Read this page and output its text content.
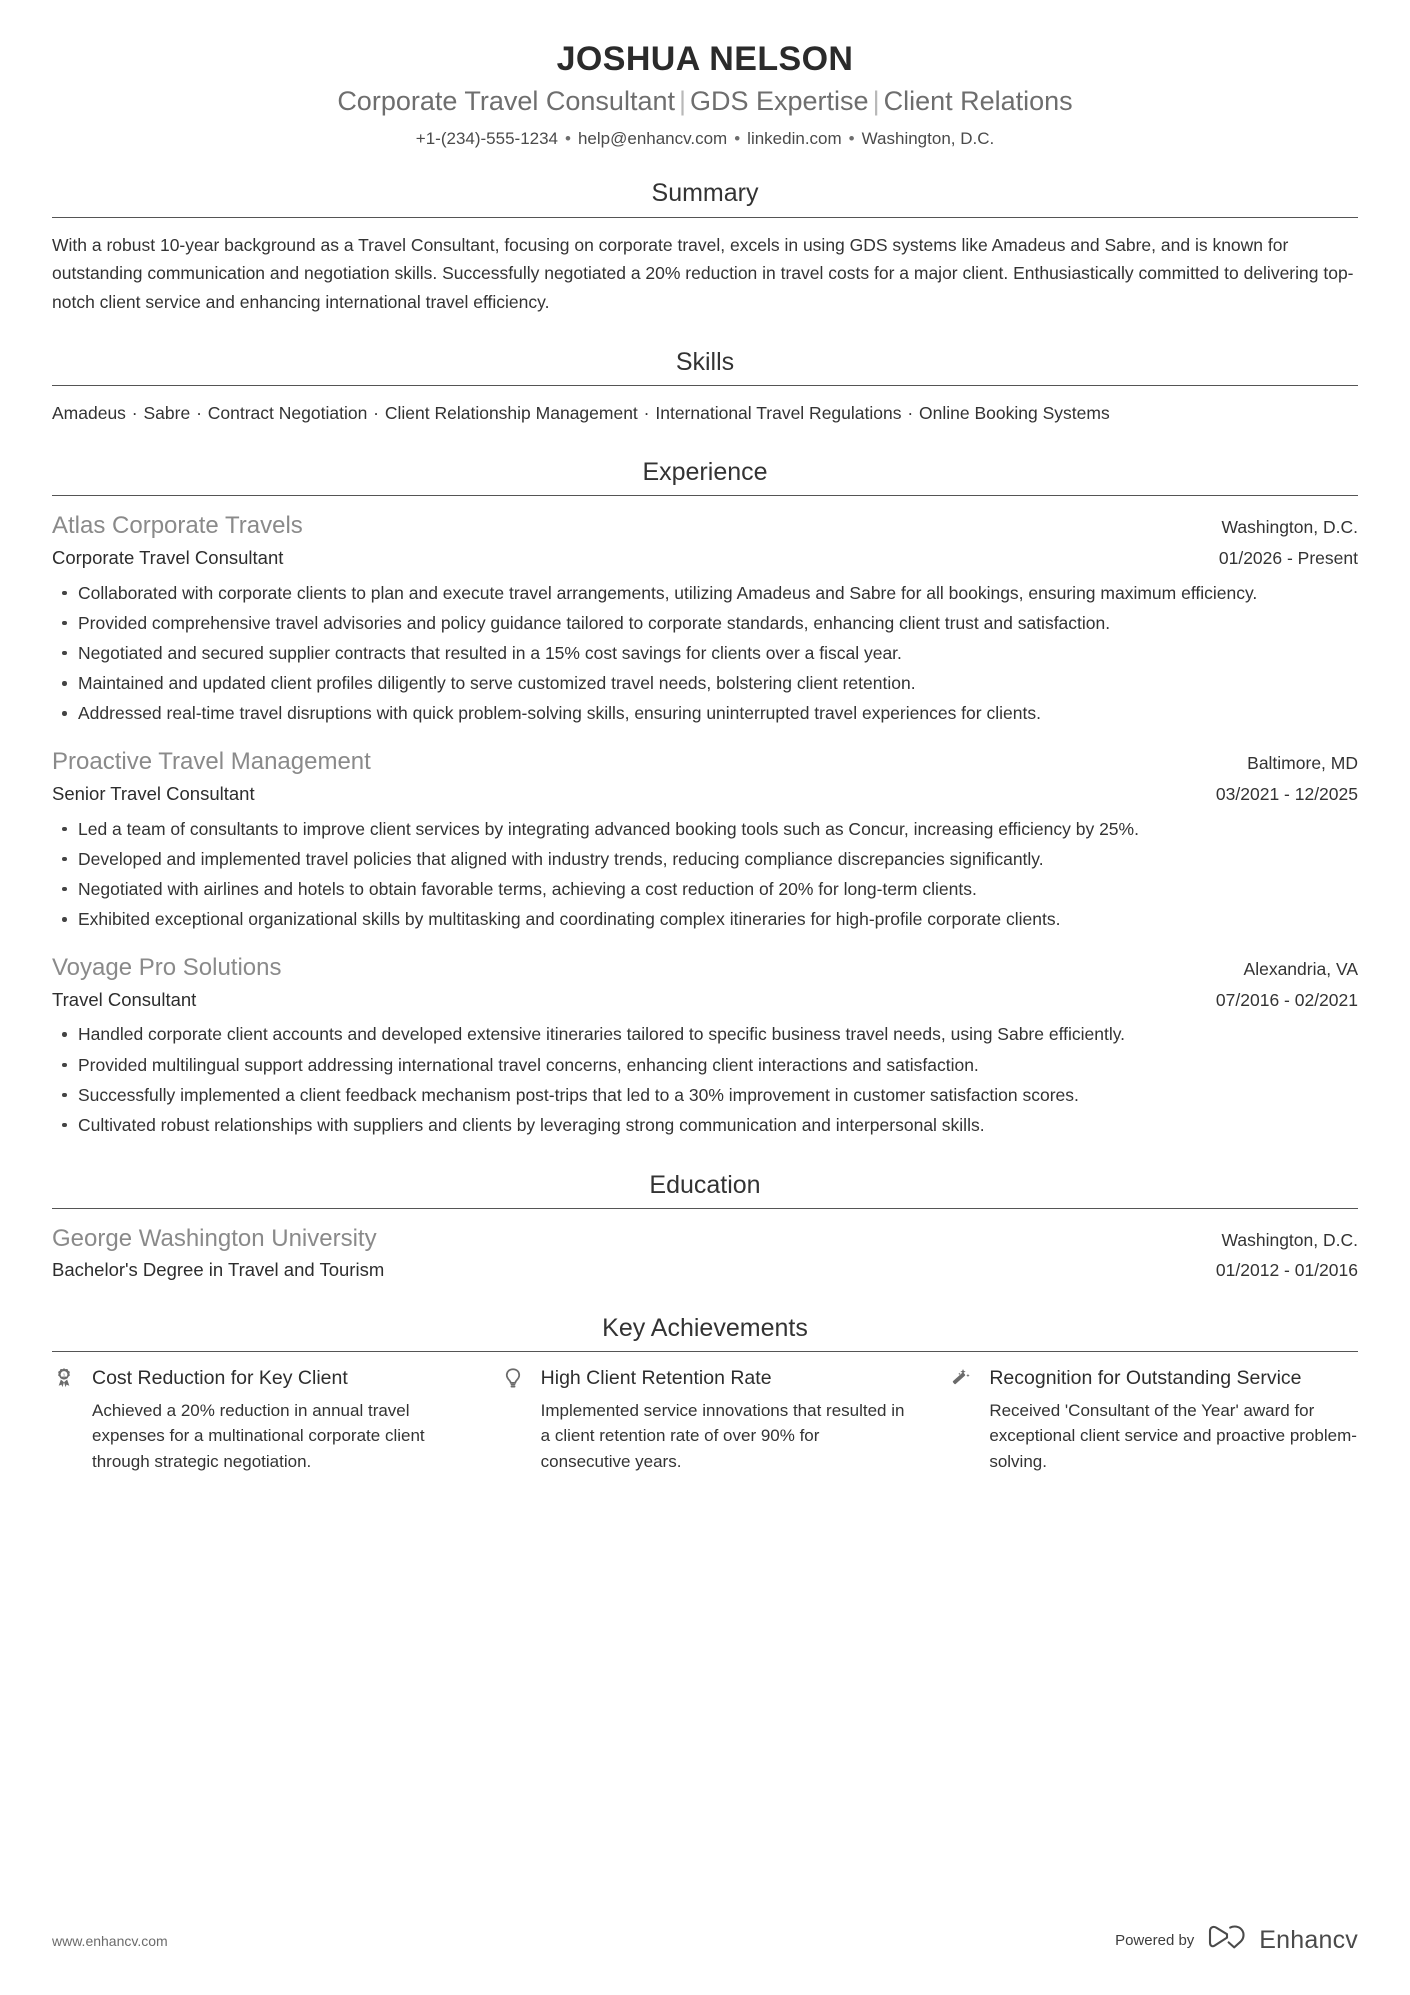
JOSHUA NELSON
Corporate Travel Consultant | GDS Expertise | Client Relations
+1-(234)-555-1234 • help@enhancv.com • linkedin.com • Washington, D.C.
Summary
With a robust 10-year background as a Travel Consultant, focusing on corporate travel, excels in using GDS systems like Amadeus and Sabre, and is known for outstanding communication and negotiation skills. Successfully negotiated a 20% reduction in travel costs for a major client. Enthusiastically committed to delivering top-notch client service and enhancing international travel efficiency.
Skills
Amadeus · Sabre · Contract Negotiation · Client Relationship Management · International Travel Regulations · Online Booking Systems
Experience
Atlas Corporate Travels	Washington, D.C.
Corporate Travel Consultant	01/2026 - Present
Collaborated with corporate clients to plan and execute travel arrangements, utilizing Amadeus and Sabre for all bookings, ensuring maximum efficiency.
Provided comprehensive travel advisories and policy guidance tailored to corporate standards, enhancing client trust and satisfaction.
Negotiated and secured supplier contracts that resulted in a 15% cost savings for clients over a fiscal year.
Maintained and updated client profiles diligently to serve customized travel needs, bolstering client retention.
Addressed real-time travel disruptions with quick problem-solving skills, ensuring uninterrupted travel experiences for clients.
Proactive Travel Management	Baltimore, MD
Senior Travel Consultant	03/2021 - 12/2025
Led a team of consultants to improve client services by integrating advanced booking tools such as Concur, increasing efficiency by 25%.
Developed and implemented travel policies that aligned with industry trends, reducing compliance discrepancies significantly.
Negotiated with airlines and hotels to obtain favorable terms, achieving a cost reduction of 20% for long-term clients.
Exhibited exceptional organizational skills by multitasking and coordinating complex itineraries for high-profile corporate clients.
Voyage Pro Solutions	Alexandria, VA
Travel Consultant	07/2016 - 02/2021
Handled corporate client accounts and developed extensive itineraries tailored to specific business travel needs, using Sabre efficiently.
Provided multilingual support addressing international travel concerns, enhancing client interactions and satisfaction.
Successfully implemented a client feedback mechanism post-trips that led to a 30% improvement in customer satisfaction scores.
Cultivated robust relationships with suppliers and clients by leveraging strong communication and interpersonal skills.
Education
George Washington University	Washington, D.C.
Bachelor's Degree in Travel and Tourism	01/2012 - 01/2016
Key Achievements
Cost Reduction for Key Client
Achieved a 20% reduction in annual travel expenses for a multinational corporate client through strategic negotiation.
High Client Retention Rate
Implemented service innovations that resulted in a client retention rate of over 90% for consecutive years.
Recognition for Outstanding Service
Received 'Consultant of the Year' award for exceptional client service and proactive problem-solving.
www.enhancv.com	Powered by	Enhancv
